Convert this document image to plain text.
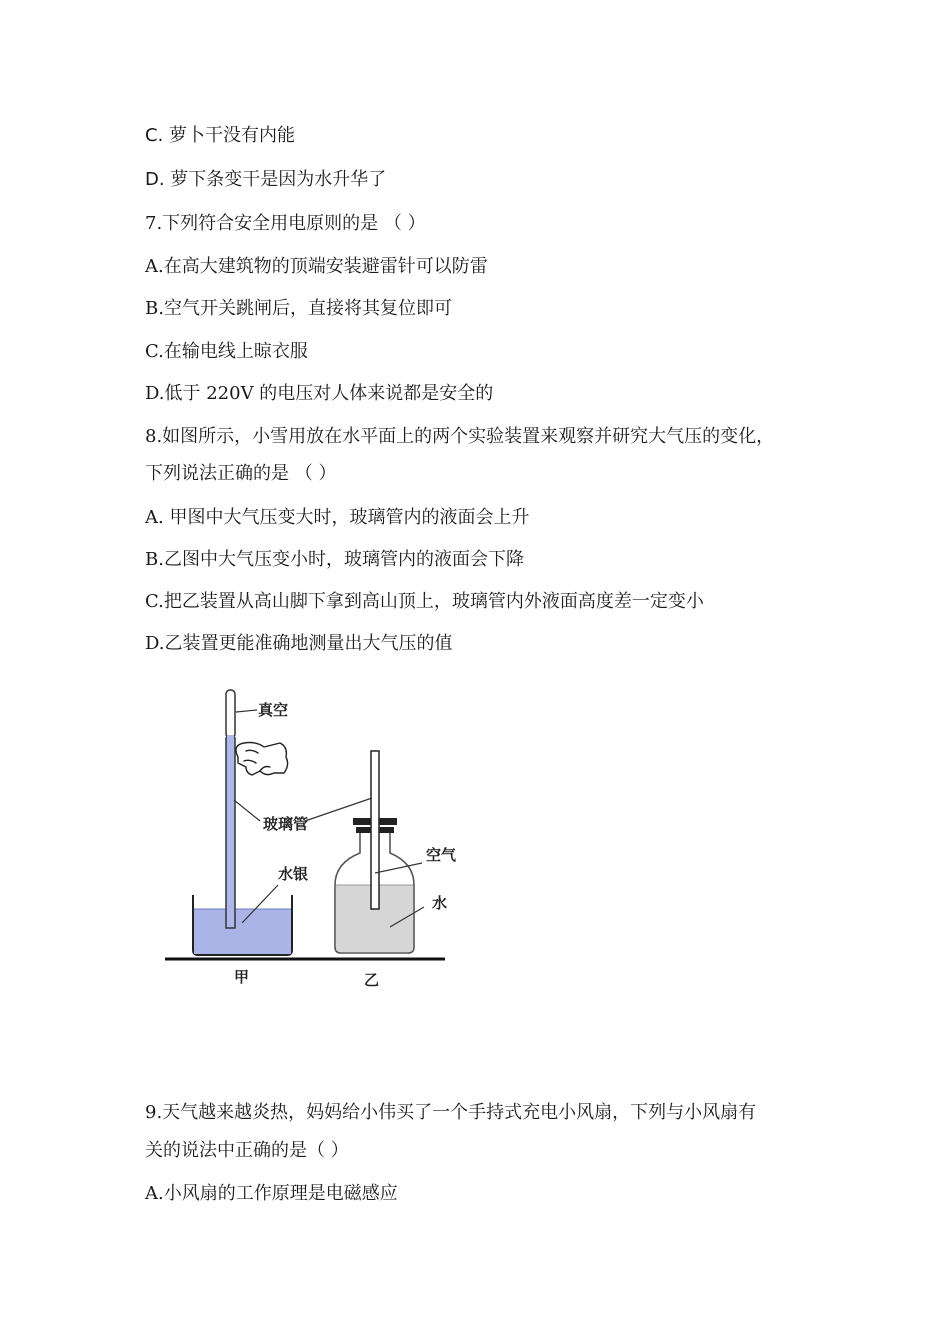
C. 萝卜干没有内能
D. 萝下条变干是因为水升华了
7.下列符合安全用电原则的是 （ ）
A.在高大建筑物的顶端安装避雷针可以防雷
B.空气开关跳闸后，直接将其复位即可
C.在输电线上晾衣服
D.低于 220V 的电压对人体来说都是安全的
8.如图所示，小雪用放在水平面上的两个实验装置来观察并研究大气压的变化，
下列说法正确的是 （ ）
A. 甲图中大气压变大时，玻璃管内的液面会上升
B.乙图中大气压变小时，玻璃管内的液面会下降
C.把乙装置从高山脚下拿到高山顶上，玻璃管内外液面高度差一定变小
D.乙装置更能准确地测量出大气压的值
真空
玻璃管
水银
空气
水
甲	乙
9.天气越来越炎热，妈妈给小伟买了一个手持式充电小风扇，下列与小风扇有
关的说法中正确的是（ ）
A.小风扇的工作原理是电磁感应
